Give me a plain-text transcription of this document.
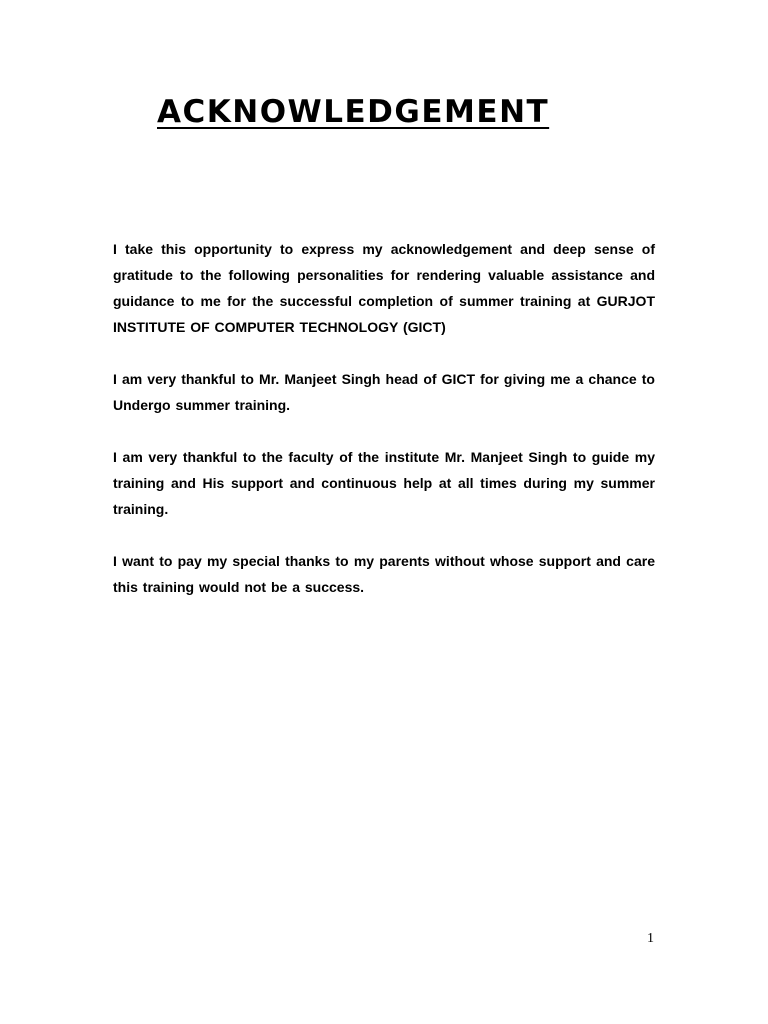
ACKNOWLEDGEMENT

I take this opportunity to express my acknowledgement and deep sense of gratitude to the following personalities for rendering valuable assistance and guidance to me for the successful completion of summer training at GURJOT INSTITUTE OF COMPUTER TECHNOLOGY (GICT)

I am very thankful to Mr. Manjeet Singh head of GICT for giving me a chance to Undergo summer training.

I am very thankful to the faculty of the institute Mr. Manjeet Singh to guide my training and His support and continuous help at all times during my summer training.

I want to pay my special thanks to my parents without whose support and care this training would not be a success.

1
